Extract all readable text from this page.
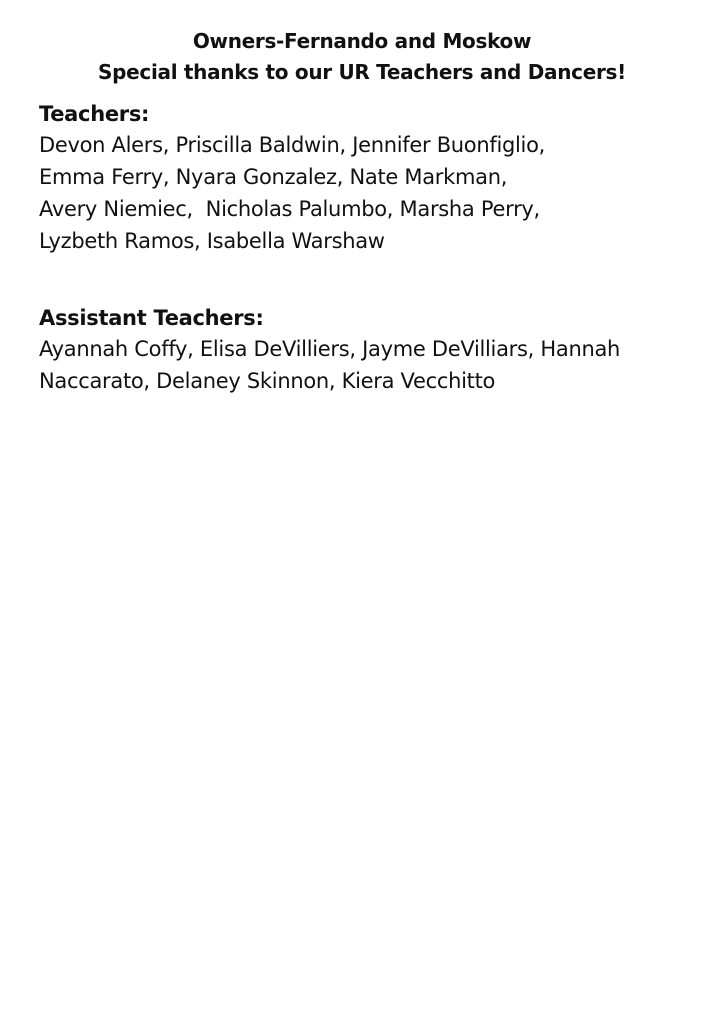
Owners-Fernando and Moskow
Special thanks to our UR Teachers and Dancers!
Teachers:
Devon Alers, Priscilla Baldwin, Jennifer Buonfiglio,
Emma Ferry, Nyara Gonzalez, Nate Markman,
Avery Niemiec,  Nicholas Palumbo, Marsha Perry,
Lyzbeth Ramos, Isabella Warshaw
Assistant Teachers:
Ayannah Coffy, Elisa DeVilliers, Jayme DeVilliars, Hannah
Naccarato, Delaney Skinnon, Kiera Vecchitto
